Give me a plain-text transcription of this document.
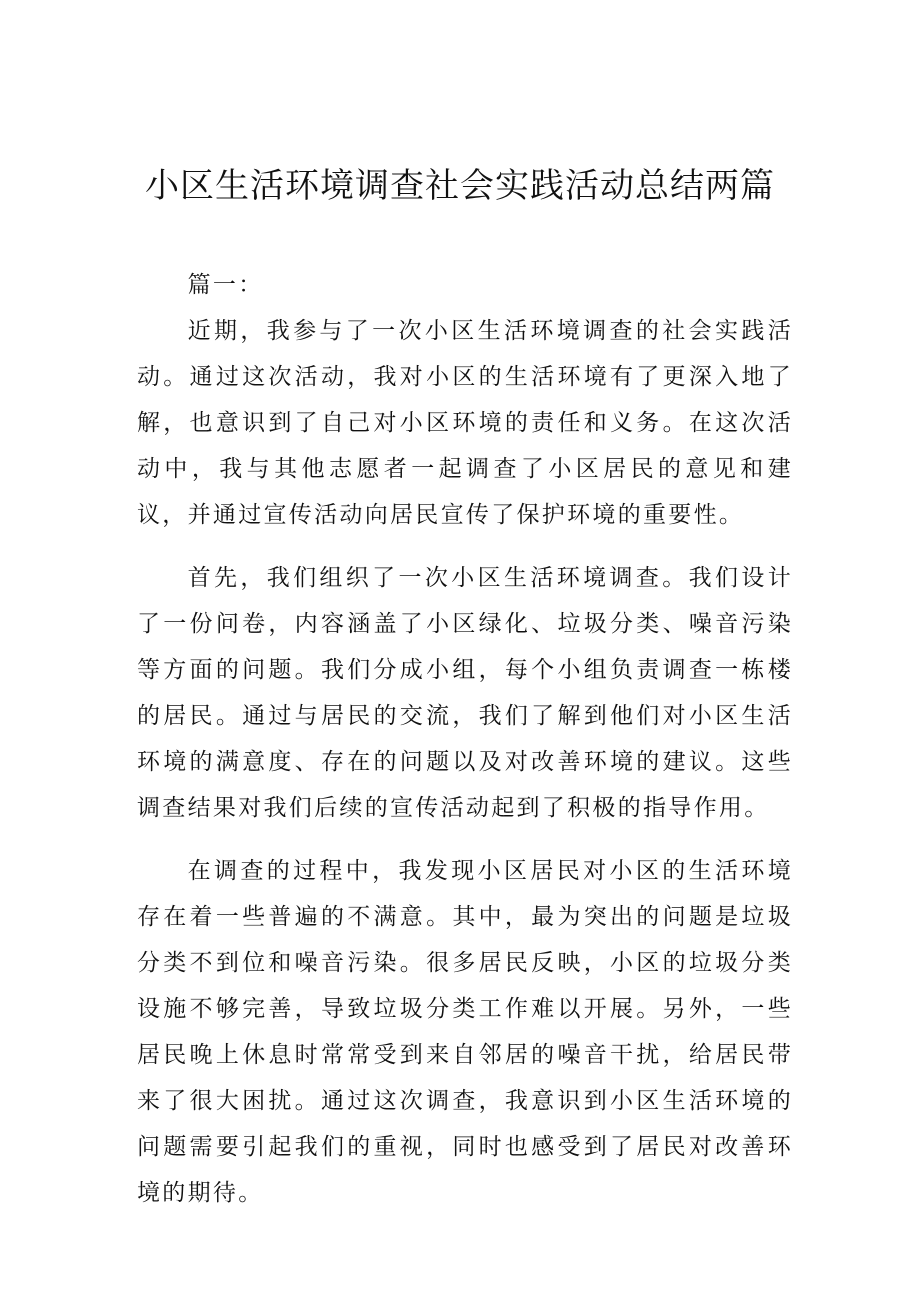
小区生活环境调查社会实践活动总结两篇

篇一：

近期，我参与了一次小区生活环境调查的社会实践活动。通过这次活动，我对小区的生活环境有了更深入地了解，也意识到了自己对小区环境的责任和义务。在这次活动中，我与其他志愿者一起调查了小区居民的意见和建议，并通过宣传活动向居民宣传了保护环境的重要性。

首先，我们组织了一次小区生活环境调查。我们设计了一份问卷，内容涵盖了小区绿化、垃圾分类、噪音污染等方面的问题。我们分成小组，每个小组负责调查一栋楼的居民。通过与居民的交流，我们了解到他们对小区生活环境的满意度、存在的问题以及对改善环境的建议。这些调查结果对我们后续的宣传活动起到了积极的指导作用。

在调查的过程中，我发现小区居民对小区的生活环境存在着一些普遍的不满意。其中，最为突出的问题是垃圾分类不到位和噪音污染。很多居民反映，小区的垃圾分类设施不够完善，导致垃圾分类工作难以开展。另外，一些居民晚上休息时常常受到来自邻居的噪音干扰，给居民带来了很大困扰。通过这次调查，我意识到小区生活环境的问题需要引起我们的重视，同时也感受到了居民对改善环境的期待。
